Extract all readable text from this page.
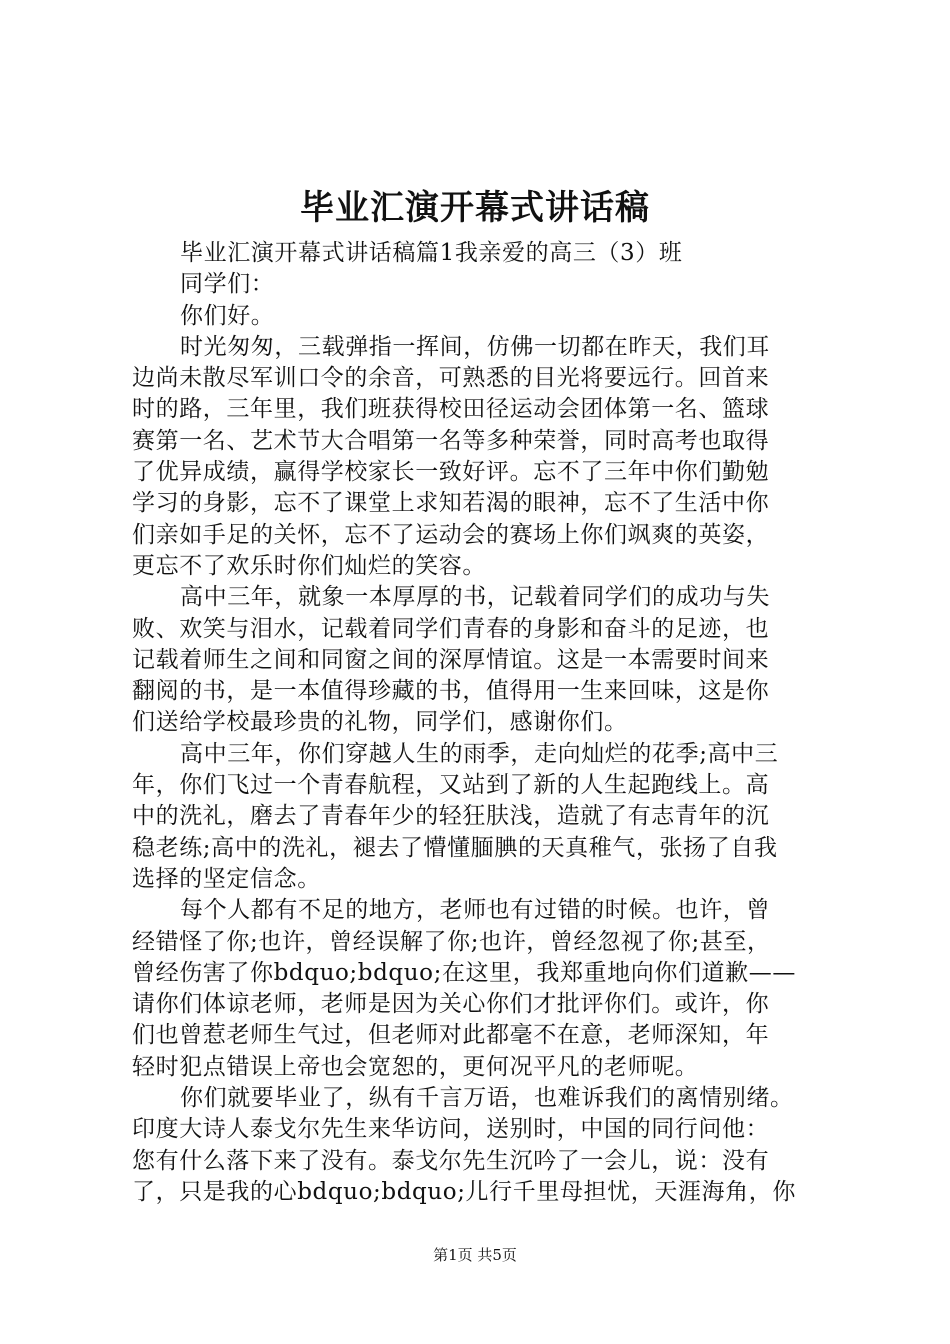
毕业汇演开幕式讲话稿
毕业汇演开幕式讲话稿篇1我亲爱的高三（3）班
同学们：
你们好。
时光匆匆，三载弹指一挥间，仿佛一切都在昨天，我们耳
边尚未散尽军训口令的余音，可熟悉的目光将要远行。回首来
时的路，三年里，我们班获得校田径运动会团体第一名、篮球
赛第一名、艺术节大合唱第一名等多种荣誉，同时高考也取得
了优异成绩，赢得学校家长一致好评。忘不了三年中你们勤勉
学习的身影，忘不了课堂上求知若渴的眼神，忘不了生活中你
们亲如手足的关怀，忘不了运动会的赛场上你们飒爽的英姿，
更忘不了欢乐时你们灿烂的笑容。
高中三年，就象一本厚厚的书，记载着同学们的成功与失
败、欢笑与泪水，记载着同学们青春的身影和奋斗的足迹，也
记载着师生之间和同窗之间的深厚情谊。这是一本需要时间来
翻阅的书，是一本值得珍藏的书，值得用一生来回味，这是你
们送给学校最珍贵的礼物，同学们，感谢你们。
高中三年，你们穿越人生的雨季，走向灿烂的花季;高中三
年，你们飞过一个青春航程，又站到了新的人生起跑线上。高
中的洗礼，磨去了青春年少的轻狂肤浅，造就了有志青年的沉
稳老练;高中的洗礼，褪去了懵懂腼腆的天真稚气，张扬了自我
选择的坚定信念。
每个人都有不足的地方，老师也有过错的时候。也许，曾
经错怪了你;也许，曾经误解了你;也许，曾经忽视了你;甚至，
曾经伤害了你bdquo;bdquo;在这里，我郑重地向你们道歉——
请你们体谅老师，老师是因为关心你们才批评你们。或许，你
们也曾惹老师生气过，但老师对此都毫不在意，老师深知，年
轻时犯点错误上帝也会宽恕的，更何况平凡的老师呢。
你们就要毕业了，纵有千言万语，也难诉我们的离情别绪。
印度大诗人泰戈尔先生来华访问，送别时，中国的同行问他：
您有什么落下来了没有。泰戈尔先生沉吟了一会儿，说：没有
了，只是我的心bdquo;bdquo;儿行千里母担忧，天涯海角，你
第1页 共5页
